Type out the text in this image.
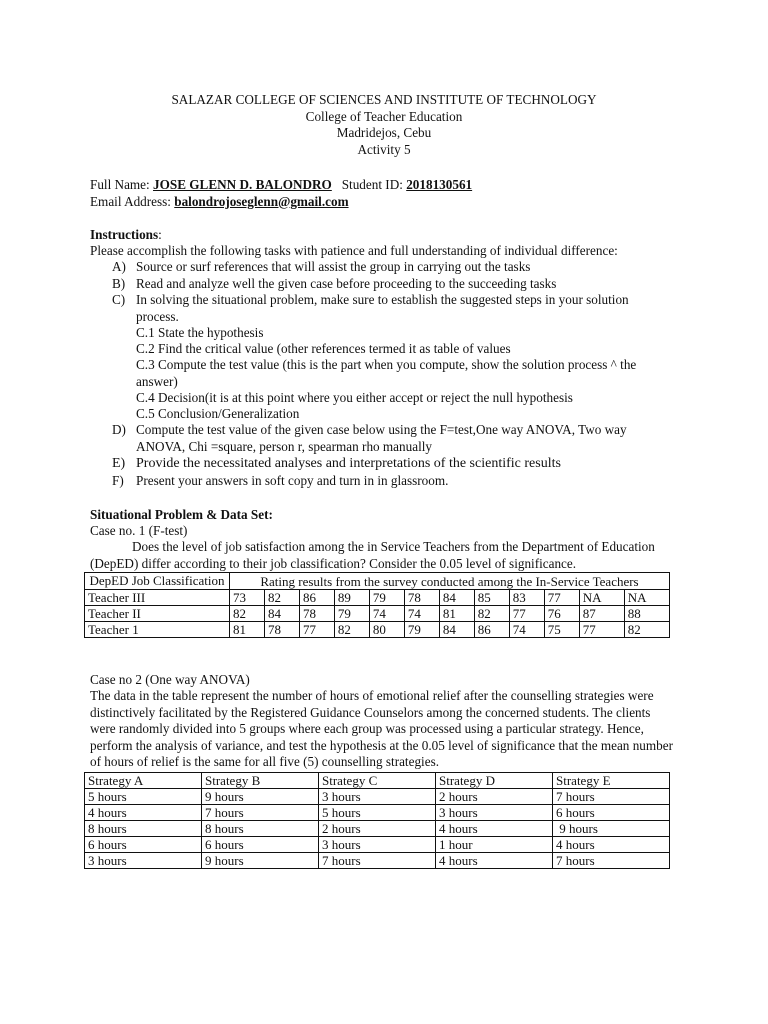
SALAZAR COLLEGE OF SCIENCES AND INSTITUTE OF TECHNOLOGY
College of Teacher Education
Madridejos, Cebu
Activity 5
Full Name: JOSE GLENN D. BALONDRO Student ID: 2018130561
Email Address: balondrojoseglenn@gmail.com
Instructions:
Please accomplish the following tasks with patience and full understanding of individual difference:
A) Source or surf references that will assist the group in carrying out the tasks
B) Read and analyze well the given case before proceeding to the succeeding tasks
C) In solving the situational problem, make sure to establish the suggested steps in your solution process.
C.1 State the hypothesis
C.2 Find the critical value (other references termed it as table of values
C.3 Compute the test value (this is the part when you compute, show the solution process ^ the answer)
C.4 Decision(it is at this point where you either accept or reject the null hypothesis
C.5 Conclusion/Generalization
D) Compute the test value of the given case below using the F=test,One way ANOVA, Two way ANOVA, Chi =square, person r, spearman rho manually
E) Provide the necessitated analyses and interpretations of the scientific results
F) Present your answers in soft copy and turn in in glassroom.
Situational Problem & Data Set:
Case no. 1 (F-test)
Does the level of job satisfaction among the in Service Teachers from the Department of Education (DepED) differ according to their job classification? Consider the 0.05 level of significance.
DepED Job Classification	Rating results from the survey conducted among the In-Service Teachers											
Teacher III	73	82	86	89	79	78	84	85	83	77	NA	NA
Teacher II	82	84	78	79	74	74	81	82	77	76	87	88
Teacher 1	81	78	77	82	80	79	84	86	74	75	77	82
Case no 2 (One way ANOVA)
The data in the table represent the number of hours of emotional relief after the counselling strategies were distinctively facilitated by the Registered Guidance Counselors among the concerned students. The clients were randomly divided into 5 groups where each group was processed using a particular strategy. Hence, perform the analysis of variance, and test the hypothesis at the 0.05 level of significance that the mean number of hours of relief is the same for all five (5) counselling strategies.
Strategy A	Strategy B	Strategy C	Strategy D	Strategy E
5 hours	9 hours	3 hours	2 hours	7 hours
4 hours	7 hours	5 hours	3 hours	6 hours
8 hours	8 hours	2 hours	4 hours	9 hours
6 hours	6 hours	3 hours	1 hour	4 hours
3 hours	9 hours	7 hours	4 hours	7 hours
